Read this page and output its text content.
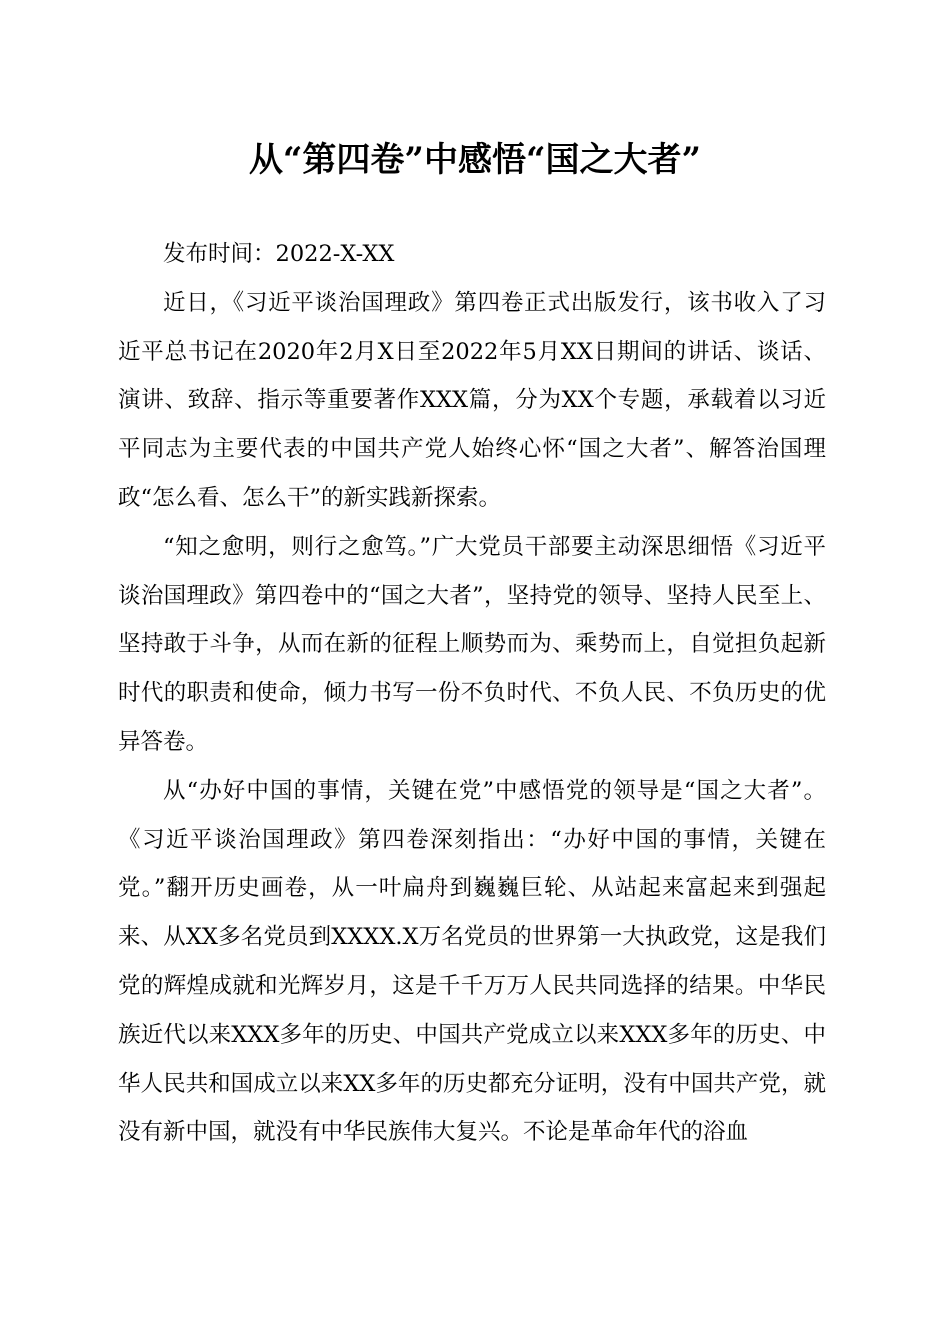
从“第四卷”中感悟“国之大者”

发布时间：2022-X-XX

近日，《习近平谈治国理政》第四卷正式出版发行，该书收入了习近平总书记在2020年2月X日至2022年5月XX日期间的讲话、谈话、演讲、致辞、指示等重要著作XXX篇，分为XX个专题，承载着以习近平同志为主要代表的中国共产党人始终心怀“国之大者”、解答治国理政“怎么看、怎么干”的新实践新探索。

“知之愈明，则行之愈笃。”广大党员干部要主动深思细悟《习近平谈治国理政》第四卷中的“国之大者”，坚持党的领导、坚持人民至上、坚持敢于斗争，从而在新的征程上顺势而为、乘势而上，自觉担负起新时代的职责和使命，倾力书写一份不负时代、不负人民、不负历史的优异答卷。

从“办好中国的事情，关键在党”中感悟党的领导是“国之大者”。《习近平谈治国理政》第四卷深刻指出：“办好中国的事情，关键在党。”翻开历史画卷，从一叶扁舟到巍巍巨轮、从站起来富起来到强起来、从XX多名党员到XXXX.X万名党员的世界第一大执政党，这是我们党的辉煌成就和光辉岁月，这是千千万万人民共同选择的结果。中华民族近代以来XXX多年的历史、中国共产党成立以来XXX多年的历史、中华人民共和国成立以来XX多年的历史都充分证明，没有中国共产党，就没有新中国，就没有中华民族伟大复兴。不论是革命年代的浴血
